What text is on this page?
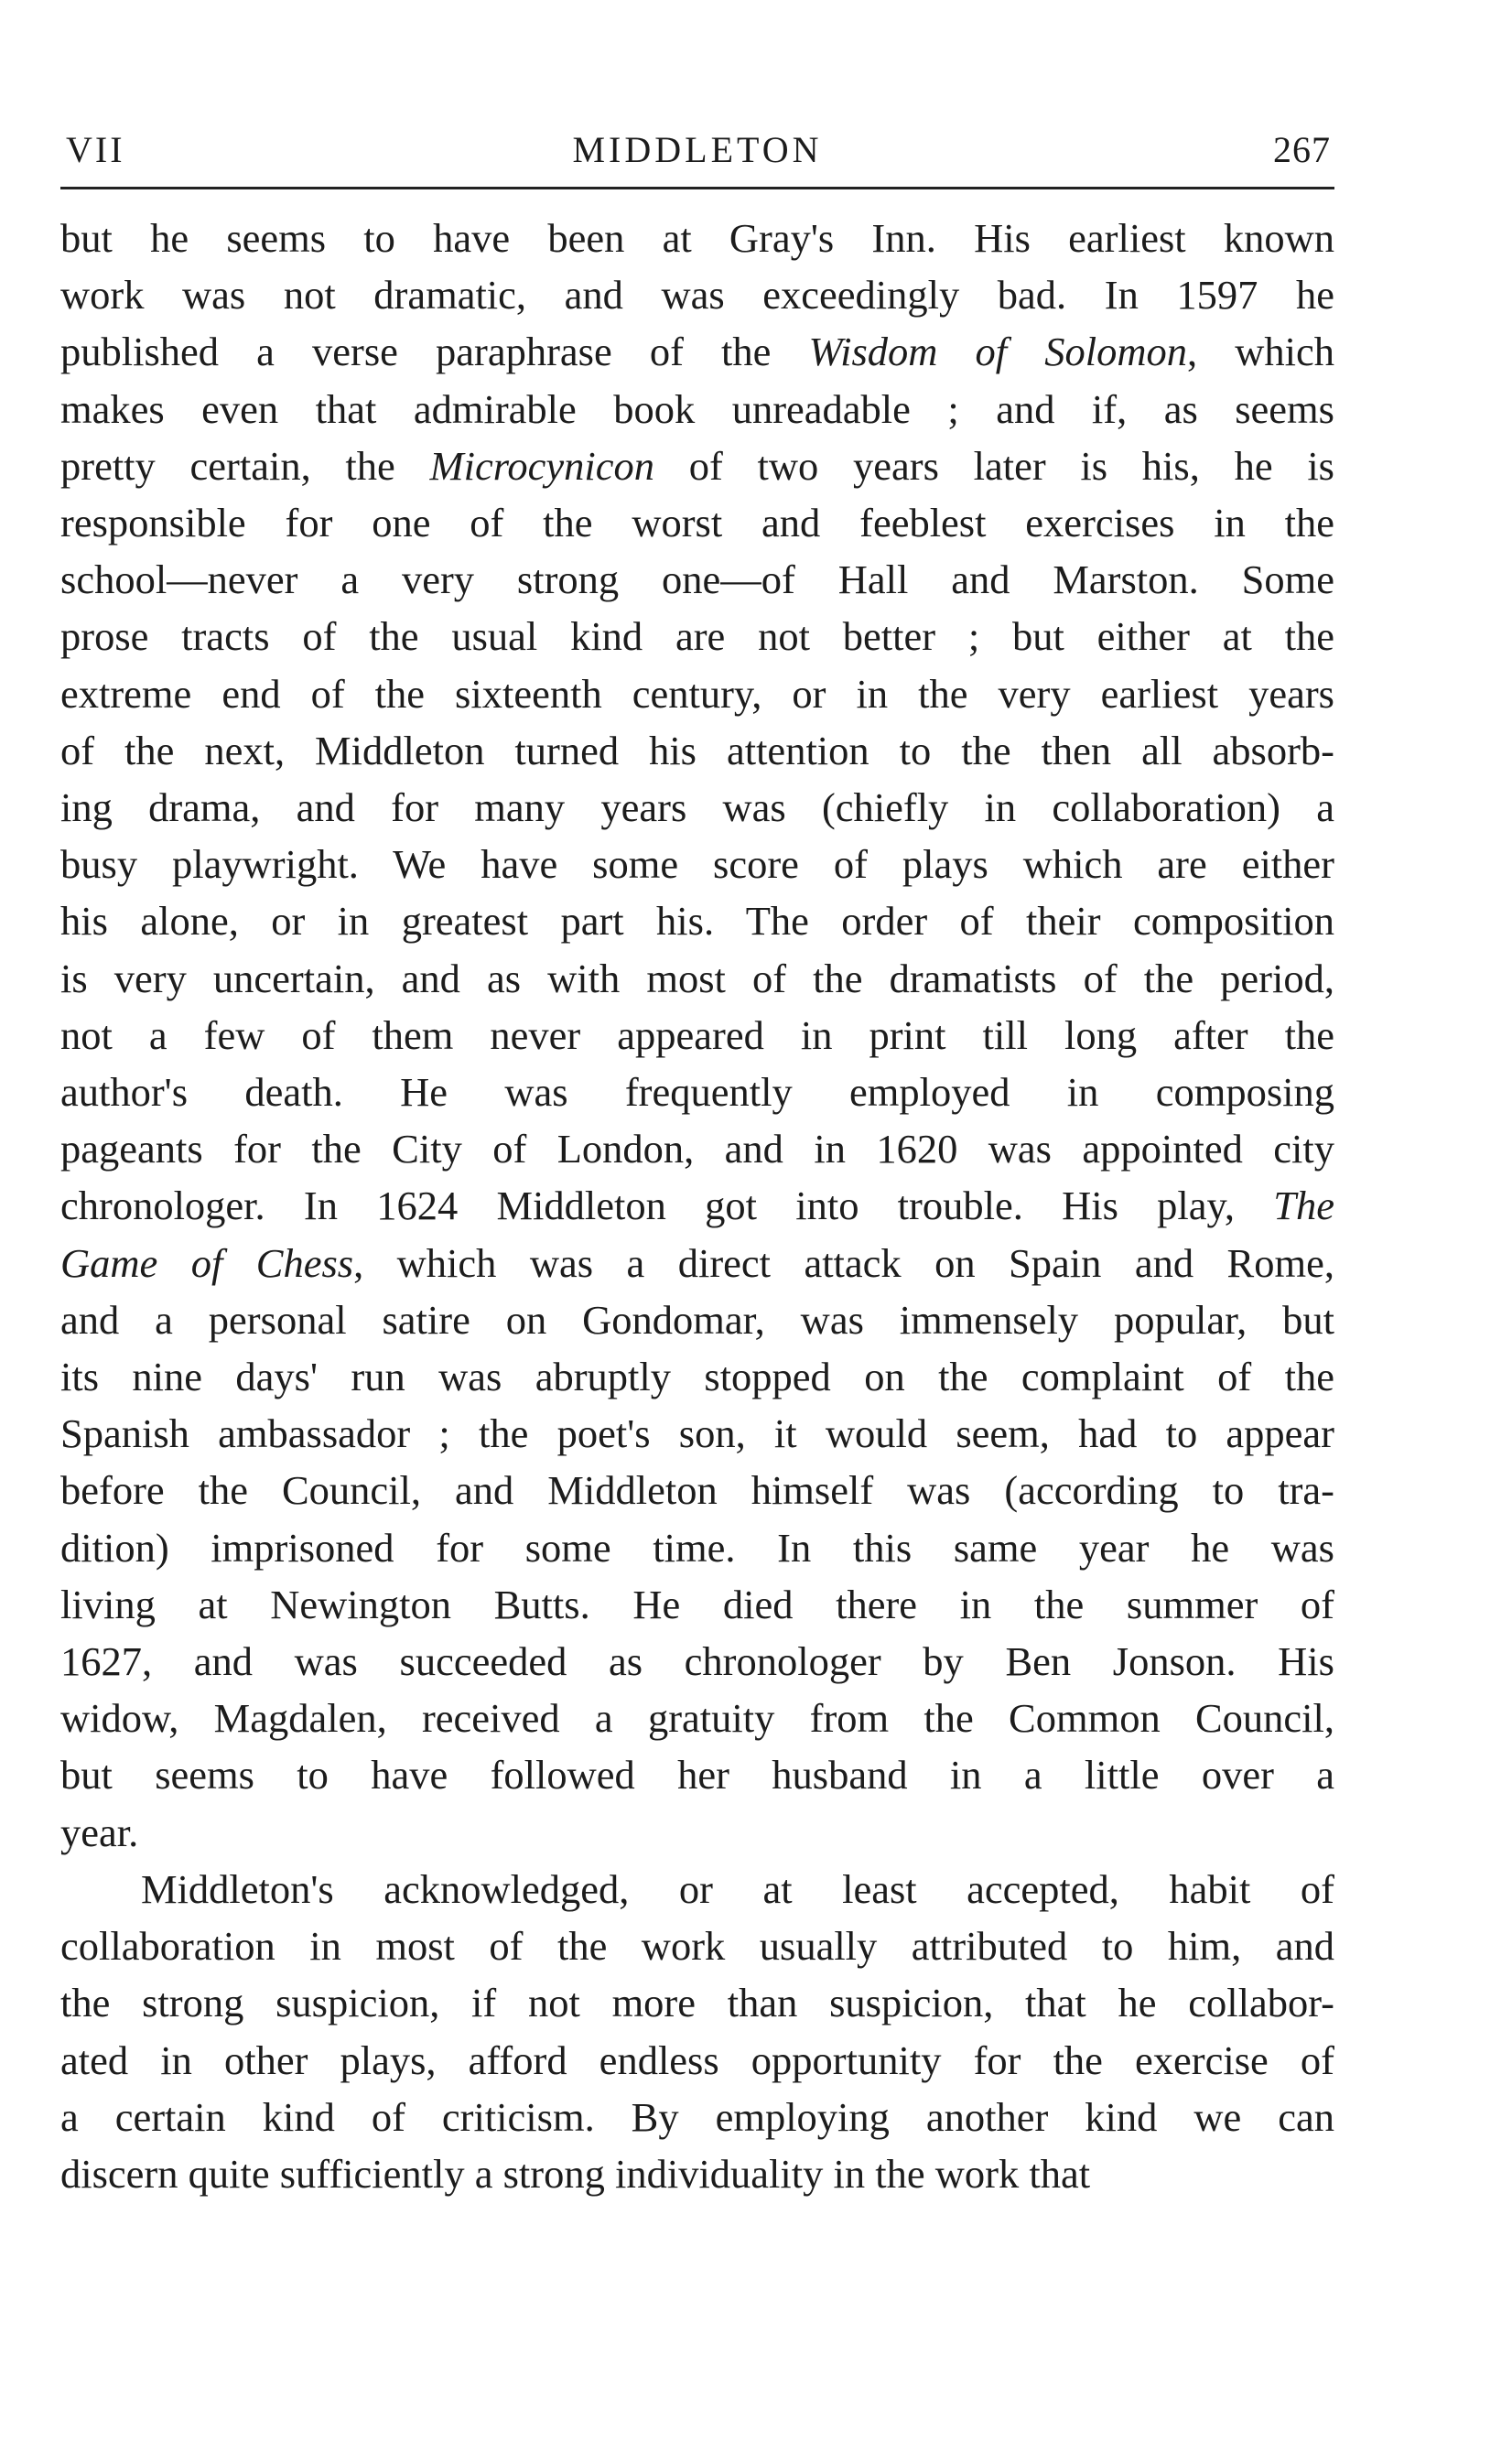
VII	MIDDLETON	267
but he seems to have been at Gray's Inn. His earliest known
work was not dramatic, and was exceedingly bad. In 1597 he
published a verse paraphrase of the Wisdom of Solomon, which
makes even that admirable book unreadable ; and if, as seems
pretty certain, the Microcynicon of two years later is his, he is
responsible for one of the worst and feeblest exercises in the
school—never a very strong one—of Hall and Marston. Some
prose tracts of the usual kind are not better ; but either at the
extreme end of the sixteenth century, or in the very earliest years
of the next, Middleton turned his attention to the then all absorb-
ing drama, and for many years was (chiefly in collaboration) a
busy playwright. We have some score of plays which are either
his alone, or in greatest part his. The order of their composition
is very uncertain, and as with most of the dramatists of the period,
not a few of them never appeared in print till long after the
author's death. He was frequently employed in composing
pageants for the City of London, and in 1620 was appointed city
chronologer. In 1624 Middleton got into trouble. His play, The
Game of Chess, which was a direct attack on Spain and Rome,
and a personal satire on Gondomar, was immensely popular, but
its nine days' run was abruptly stopped on the complaint of the
Spanish ambassador ; the poet's son, it would seem, had to appear
before the Council, and Middleton himself was (according to tra-
dition) imprisoned for some time. In this same year he was
living at Newington Butts. He died there in the summer of
1627, and was succeeded as chronologer by Ben Jonson. His
widow, Magdalen, received a gratuity from the Common Council,
but seems to have followed her husband in a little over a
year.
Middleton's acknowledged, or at least accepted, habit of
collaboration in most of the work usually attributed to him, and
the strong suspicion, if not more than suspicion, that he collabor-
ated in other plays, afford endless opportunity for the exercise of
a certain kind of criticism. By employing another kind we can
discern quite sufficiently a strong individuality in the work that
